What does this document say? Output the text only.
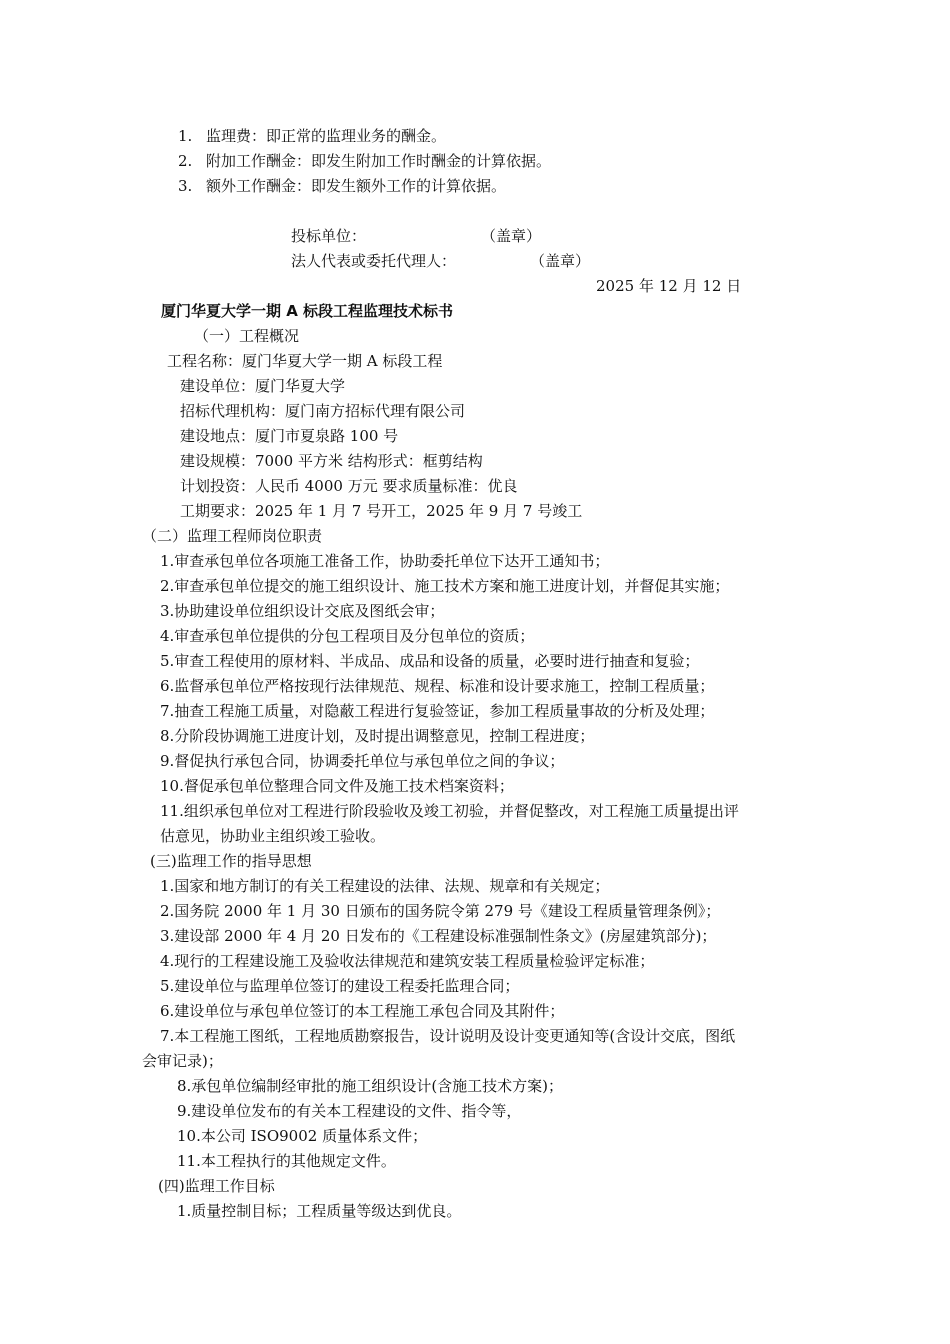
1. 监理费：即正常的监理业务的酬金。
2. 附加工作酬金：即发生附加工作时酬金的计算依据。
3. 额外工作酬金：即发生额外工作的计算依据。
投标单位：	（盖章）
法人代表或委托代理人：	（盖章）
2025 年 12 月 12 日
厦门华夏大学一期 A 标段工程监理技术标书
（一）工程概况
工程名称：厦门华夏大学一期 A 标段工程
建设单位：厦门华夏大学
招标代理机构：厦门南方招标代理有限公司
建设地点：厦门市夏泉路 100 号
建设规模：7000 平方米 结构形式：框剪结构
计划投资：人民币 4000 万元 要求质量标准：优良
工期要求：2025 年 1 月 7 号开工，2025 年 9 月 7 号竣工
（二）监理工程师岗位职责
1.审查承包单位各项施工准备工作，协助委托单位下达开工通知书；
2.审查承包单位提交的施工组织设计、施工技术方案和施工进度计划，并督促其实施；
3.协助建设单位组织设计交底及图纸会审；
4.审查承包单位提供的分包工程项目及分包单位的资质；
5.审查工程使用的原材料、半成品、成品和设备的质量，必要时进行抽查和复验；
6.监督承包单位严格按现行法律规范、规程、标准和设计要求施工，控制工程质量；
7.抽查工程施工质量，对隐蔽工程进行复验签证，参加工程质量事故的分析及处理；
8.分阶段协调施工进度计划，及时提出调整意见，控制工程进度；
9.督促执行承包合同，协调委托单位与承包单位之间的争议；
10.督促承包单位整理合同文件及施工技术档案资料；
11.组织承包单位对工程进行阶段验收及竣工初验，并督促整改，对工程施工质量提出评
估意见，协助业主组织竣工验收。
(三)监理工作的指导思想
1.国家和地方制订的有关工程建设的法律、法规、规章和有关规定；
2.国务院 2000 年 1 月 30 日颁布的国务院令第 279 号《建设工程质量管理条例》；
3.建设部 2000 年 4 月 20 日发布的《工程建设标准强制性条文》(房屋建筑部分)；
4.现行的工程建设施工及验收法律规范和建筑安装工程质量检验评定标准；
5.建设单位与监理单位签订的建设工程委托监理合同；
6.建设单位与承包单位签订的本工程施工承包合同及其附件；
7.本工程施工图纸，工程地质勘察报告，设计说明及设计变更通知等(含设计交底，图纸
会审记录)；
8.承包单位编制经审批的施工组织设计(含施工技术方案)；
9.建设单位发布的有关本工程建设的文件、指令等，
10.本公司 ISO9002 质量体系文件；
11.本工程执行的其他规定文件。
(四)监理工作目标
1.质量控制目标；工程质量等级达到优良。
